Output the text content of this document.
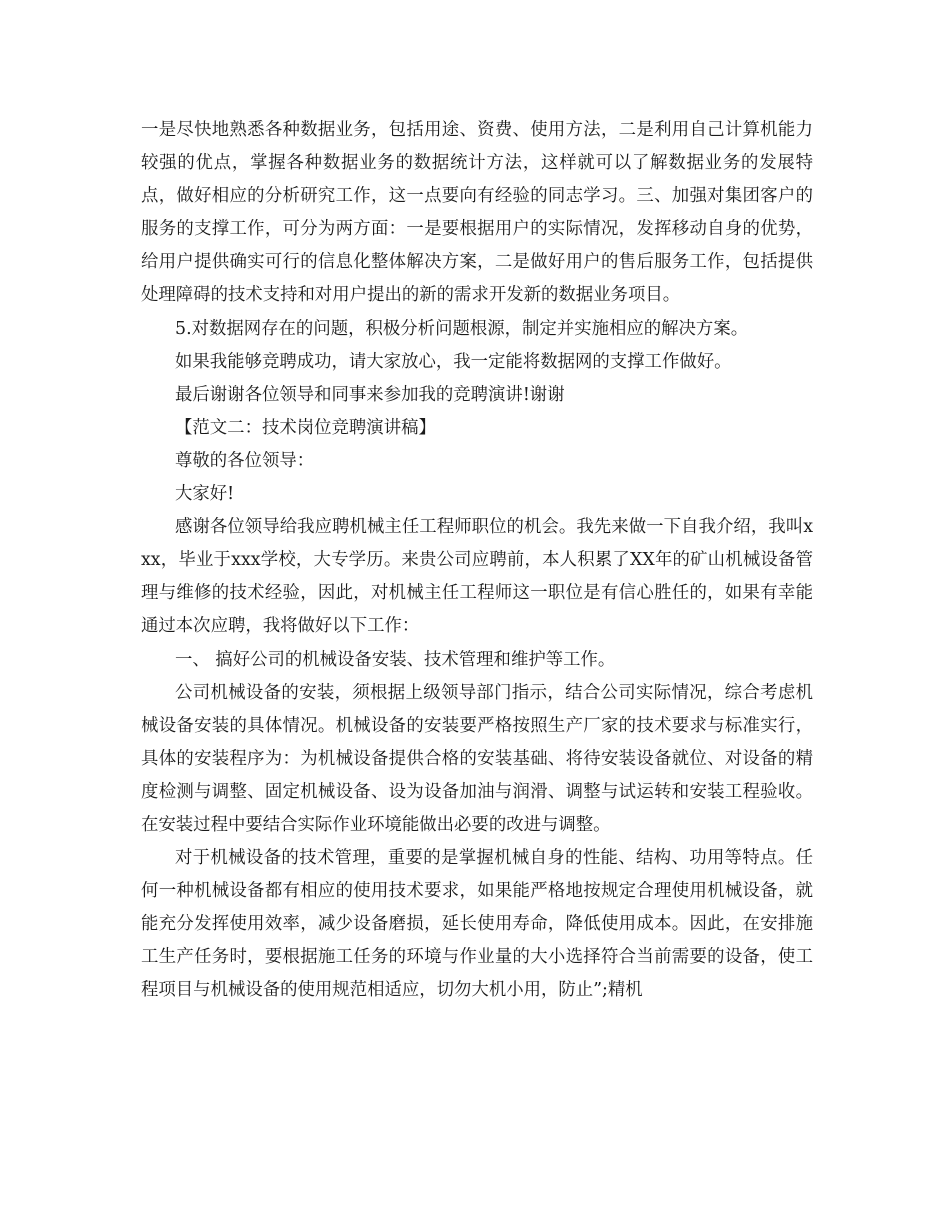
一是尽快地熟悉各种数据业务，包括用途、资费、使用方法，二是利用自己计算机能力较强的优点，掌握各种数据业务的数据统计方法，这样就可以了解数据业务的发展特点，做好相应的分析研究工作，这一点要向有经验的同志学习。三、加强对集团客户的服务的支撑工作，可分为两方面：一是要根据用户的实际情况，发挥移动自身的优势，给用户提供确实可行的信息化整体解决方案，二是做好用户的售后服务工作，包括提供处理障碍的技术支持和对用户提出的新的需求开发新的数据业务项目。

5.对数据网存在的问题，积极分析问题根源，制定并实施相应的解决方案。

如果我能够竞聘成功，请大家放心，我一定能将数据网的支撑工作做好。

最后谢谢各位领导和同事来参加我的竞聘演讲!谢谢

【范文二：技术岗位竞聘演讲稿】

尊敬的各位领导：

大家好!

感谢各位领导给我应聘机械主任工程师职位的机会。我先来做一下自我介绍，我叫xxx，毕业于xxx学校，大专学历。来贵公司应聘前，本人积累了XX年的矿山机械设备管理与维修的技术经验，因此，对机械主任工程师这一职位是有信心胜任的，如果有幸能通过本次应聘，我将做好以下工作：

一、 搞好公司的机械设备安装、技术管理和维护等工作。

公司机械设备的安装，须根据上级领导部门指示，结合公司实际情况，综合考虑机械设备安装的具体情况。机械设备的安装要严格按照生产厂家的技术要求与标准实行，具体的安装程序为：为机械设备提供合格的安装基础、将待安装设备就位、对设备的精度检测与调整、固定机械设备、设为设备加油与润滑、调整与试运转和安装工程验收。在安装过程中要结合实际作业环境能做出必要的改进与调整。

对于机械设备的技术管理，重要的是掌握机械自身的性能、结构、功用等特点。任何一种机械设备都有相应的使用技术要求，如果能严格地按规定合理使用机械设备，就能充分发挥使用效率，减少设备磨损，延长使用寿命，降低使用成本。因此，在安排施工生产任务时，要根据施工任务的环境与作业量的大小选择符合当前需要的设备，使工程项目与机械设备的使用规范相适应，切勿大机小用，防止”;精机
